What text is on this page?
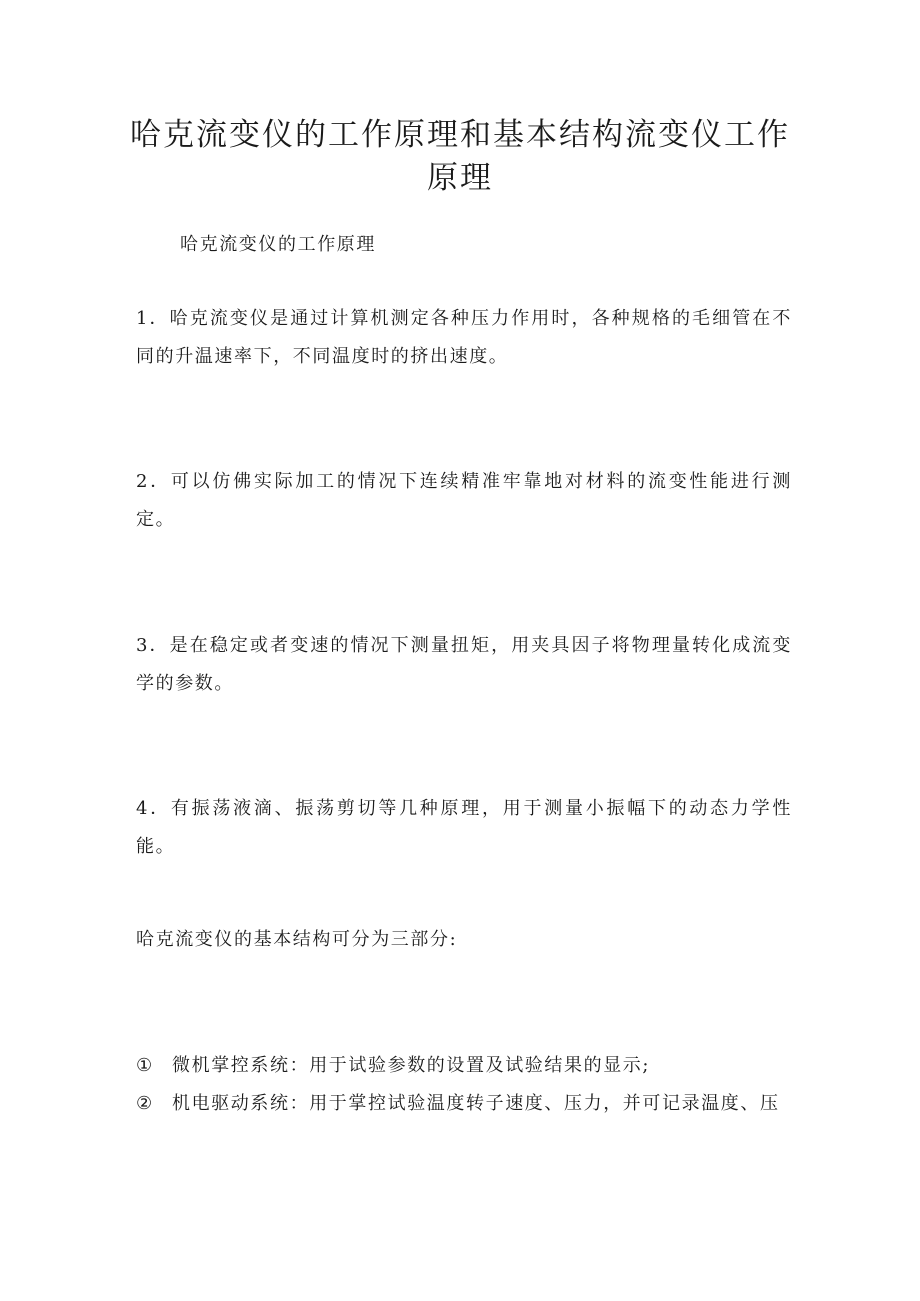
哈克流变仪的工作原理和基本结构流变仪工作原理

哈克流变仪的工作原理

1．哈克流变仪是通过计算机测定各种压力作用时，各种规格的毛细管在不同的升温速率下，不同温度时的挤出速度。

2．可以仿佛实际加工的情况下连续精准牢靠地对材料的流变性能进行测定。

3．是在稳定或者变速的情况下测量扭矩，用夹具因子将物理量转化成流变学的参数。

4．有振荡液滴、振荡剪切等几种原理，用于测量小振幅下的动态力学性能。

哈克流变仪的基本结构可分为三部分:

① 微机掌控系统：用于试验参数的设置及试验结果的显示;

② 机电驱动系统：用于掌控试验温度转子速度、压力，并可记录温度、压
